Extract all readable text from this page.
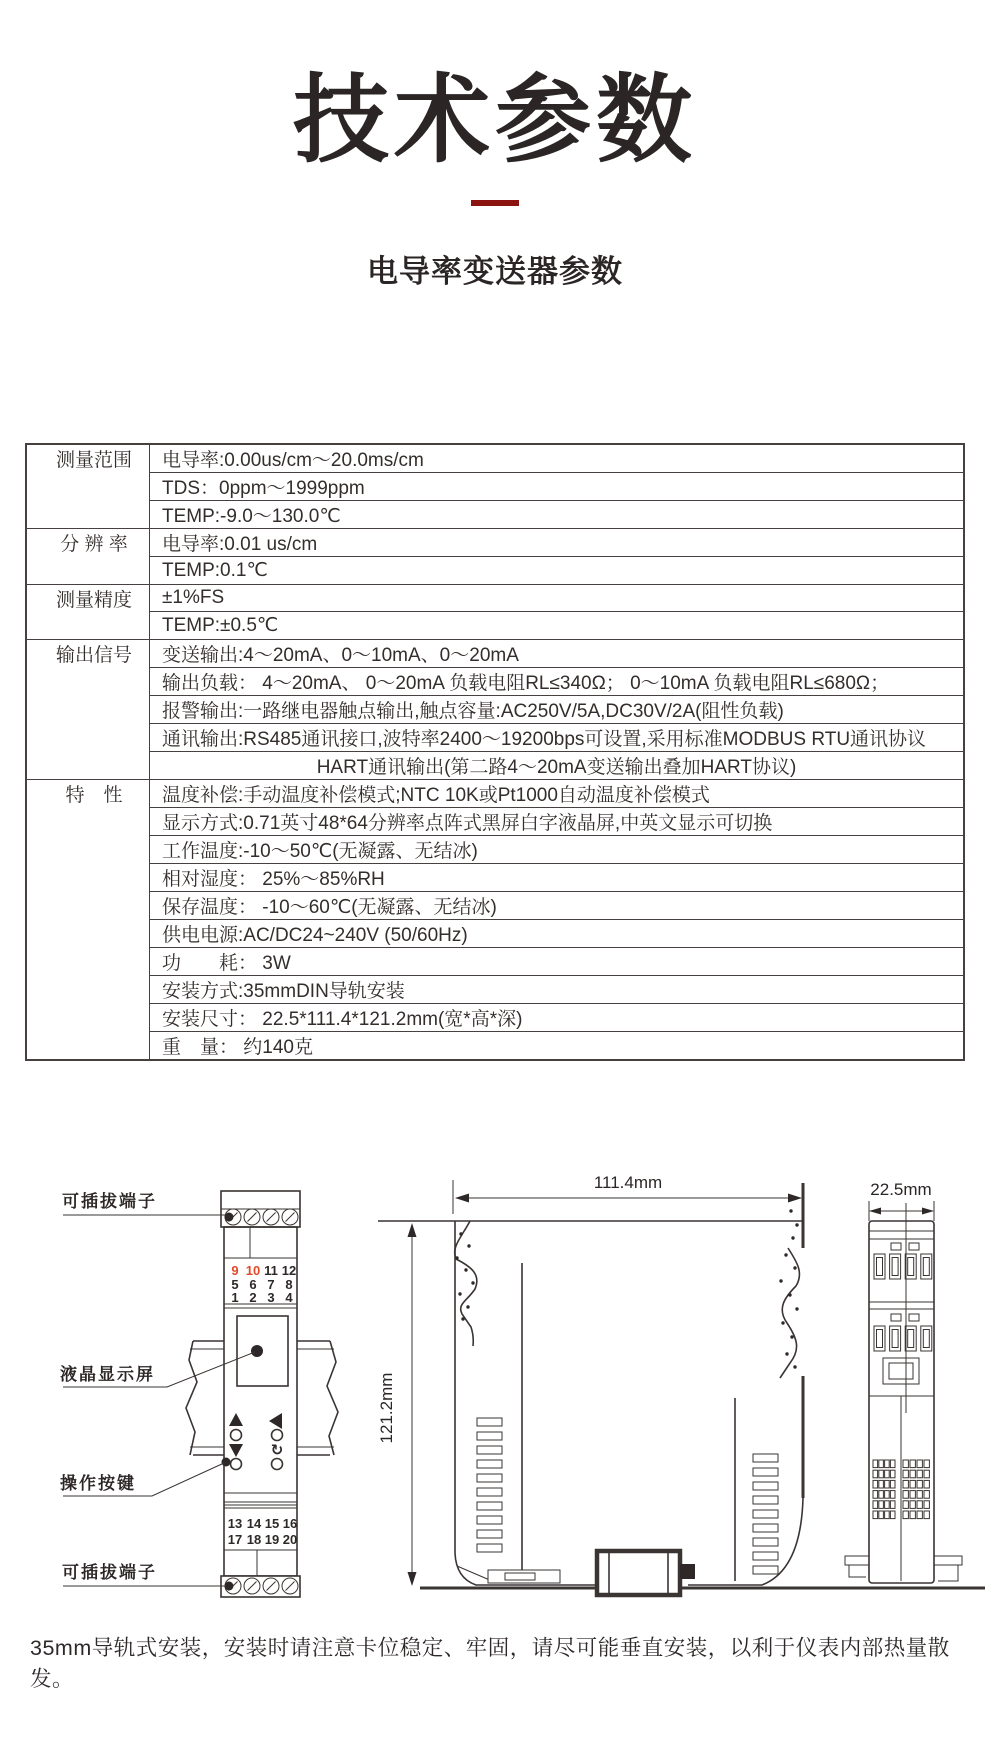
技术参数
电导率变送器参数
测量范围	电导率:0.00us/cm～20.0ms/cm
	TDS：0ppm～1999ppm
	TEMP:-9.0～130.0℃
分 辨 率	电导率:0.01 us/cm
	TEMP:0.1℃
测量精度	±1%FS
	TEMP:±0.5℃
输出信号	变送输出:4～20mA、0～10mA、0～20mA
	输出负载： 4～20mA、 0～20mA 负载电阻RL≤340Ω； 0～10mA 负载电阻RL≤680Ω；
	报警输出:一路继电器触点输出,触点容量:AC250V/5A,DC30V/2A(阻性负载)
	通讯输出:RS485通讯接口,波特率2400～19200bps可设置,采用标准MODBUS RTU通讯协议
	HART通讯输出(第二路4～20mA变送输出叠加HART协议)
特　性	温度补偿:手动温度补偿模式;NTC 10K或Pt1000自动温度补偿模式
	显示方式:0.71英寸48*64分辨率点阵式黑屏白字液晶屏,中英文显示可切换
	工作温度:-10～50℃(无凝露、无结冰)
	相对湿度： 25%～85%RH
	保存温度： -10～60℃(无凝露、无结冰)
	供电电源:AC/DC24~240V (50/60Hz)
	功　　耗： 3W
	安装方式:35mmDIN导轨安装
	安装尺寸： 22.5*111.4*121.2mm(宽*高*深)
	重　量： 约140克
9 10 11 12
5 6 7 8
1 2 3 4
↻
13 14 15 16
17 18 19 20
可插拔端子
液晶显示屏
操作按键
可插拔端子
111.4mm
121.2mm
22.5mm
35mm导轨式安装，安装时请注意卡位稳定、牢固，请尽可能垂直安装，以利于仪表内部热量散发。
